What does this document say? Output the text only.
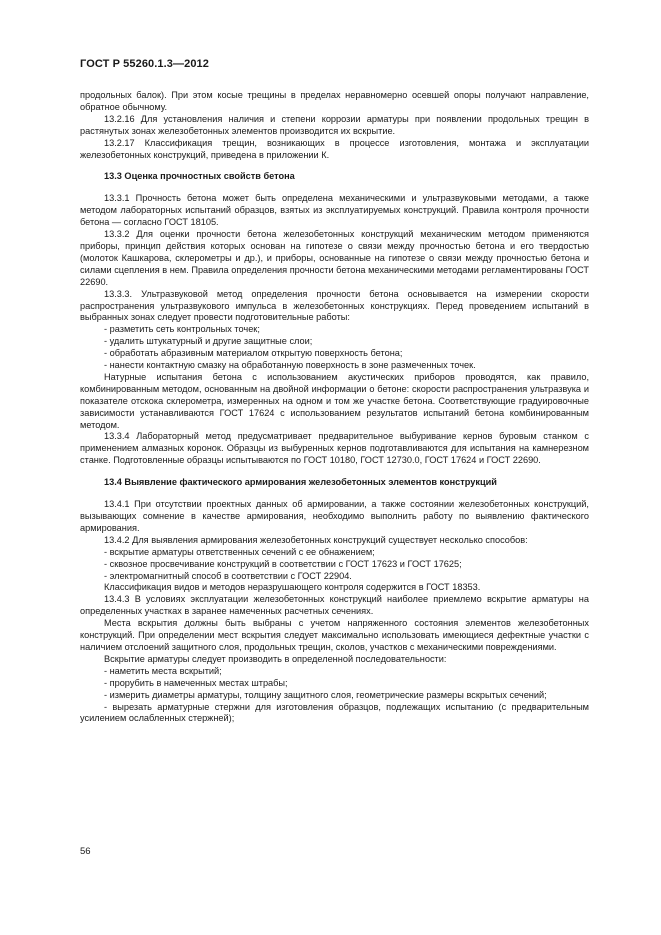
ГОСТ Р 55260.1.3—2012

продольных балок). При этом косые трещины в пределах неравномерно осевшей опоры получают направление, обратное обычному.

13.2.16 Для установления наличия и степени коррозии арматуры при появлении продольных трещин в растянутых зонах железобетонных элементов производится их вскрытие.

13.2.17 Классификация трещин, возникающих в процессе изготовления, монтажа и эксплуатации железобетонных конструкций, приведена в приложении К.

13.3 Оценка прочностных свойств бетона

13.3.1 Прочность бетона может быть определена механическими и ультразвуковыми методами, а также методом лабораторных испытаний образцов, взятых из эксплуатируемых конструкций. Правила контроля прочности бетона — согласно ГОСТ 18105.

13.3.2 Для оценки прочности бетона железобетонных конструкций механическим методом применяются приборы, принцип действия которых основан на гипотезе о связи между прочностью бетона и его твердостью (молоток Кашкарова, склерометры и др.), и приборы, основанные на гипотезе о связи между прочностью бетона и силами сцепления в нем. Правила определения прочности бетона механическими методами регламентированы ГОСТ 22690.

13.3.3. Ультразвуковой метод определения прочности бетона основывается на измерении скорости распространения ультразвукового импульса в железобетонных конструкциях. Перед проведением испытаний в выбранных зонах следует провести подготовительные работы:

- разметить сеть контрольных точек;

- удалить штукатурный и другие защитные слои;

- обработать абразивным материалом открытую поверхность бетона;

- нанести контактную смазку на обработанную поверхность в зоне размеченных точек.

Натурные испытания бетона с использованием акустических приборов проводятся, как правило, комбинированным методом, основанным на двойной информации о бетоне: скорости распространения ультразвука и показателе отскока склерометра, измеренных на одном и том же участке бетона. Соответствующие градуировочные зависимости устанавливаются ГОСТ 17624 с использованием результатов испытаний бетона комбинированным методом.

13.3.4 Лабораторный метод предусматривает предварительное выбуривание кернов буровым станком с применением алмазных коронок. Образцы из выбуренных кернов подготавливаются для испытания на камнерезном станке. Подготовленные образцы испытываются по ГОСТ 10180, ГОСТ 12730.0, ГОСТ 17624 и ГОСТ 22690.

13.4 Выявление фактического армирования железобетонных элементов конструкций

13.4.1 При отсутствии проектных данных об армировании, а также состоянии железобетонных конструкций, вызывающих сомнение в качестве армирования, необходимо выполнить работу по выявлению фактического армирования.

13.4.2 Для выявления армирования железобетонных конструкций существует несколько способов:

- вскрытие арматуры ответственных сечений с ее обнажением;

- сквозное просвечивание конструкций в соответствии с ГОСТ 17623 и ГОСТ 17625;

- электромагнитный способ в соответствии с ГОСТ 22904.

Классификация видов и методов неразрушающего контроля содержится в ГОСТ 18353.

13.4.3 В условиях эксплуатации железобетонных конструкций наиболее приемлемо вскрытие арматуры на определенных участках в заранее намеченных расчетных сечениях.

Места вскрытия должны быть выбраны с учетом напряженного состояния элементов железобетонных конструкций. При определении мест вскрытия следует максимально использовать имеющиеся дефектные участки с наличием отслоений защитного слоя, продольных трещин, сколов, участков с механическими повреждениями.

Вскрытие арматуры следует производить в определенной последовательности:

- наметить места вскрытий;

- прорубить в намеченных местах штрабы;

- измерить диаметры арматуры, толщину защитного слоя, геометрические размеры вскрытых сечений;

- вырезать арматурные стержни для изготовления образцов, подлежащих испытанию (с предварительным усилением ослабленных стержней);

56
